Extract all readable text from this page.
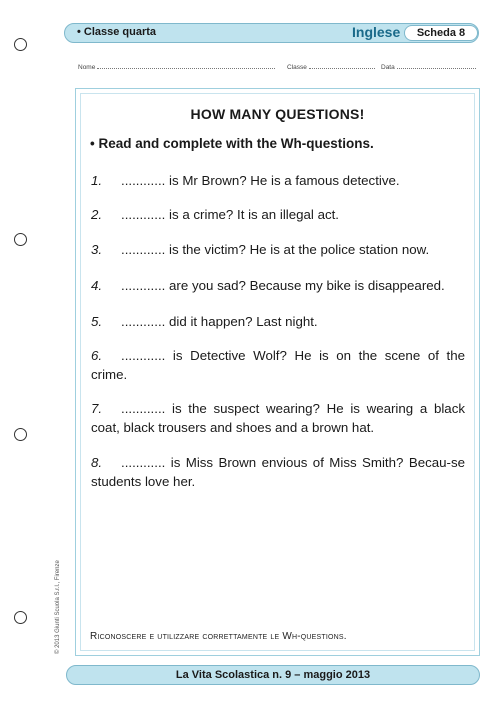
• Classe quarta	Inglese	Scheda 8
Nome	Classe	Data
HOW MANY QUESTIONS!
• Read and complete with the Wh-questions.
1. ............ is Mr Brown? He is a famous detective.
2. ............ is a crime? It is an illegal act.
3. ............ is the victim? He is at the police station now.
4. ............ are you sad? Because my bike is disappeared.
5. ............ did it happen? Last night.
6. ............ is Detective Wolf? He is on the scene of the crime.
7. ............ is the suspect wearing? He is wearing a black coat, black trousers and shoes and a brown hat.
8. ............ is Miss Brown envious of Miss Smith? Becau-se students love her.
Riconoscere e utilizzare correttamente le Wh-questions.
© 2013 Giunti Scuola S.r.l., Firenze
La Vita Scolastica n. 9 – maggio 2013
